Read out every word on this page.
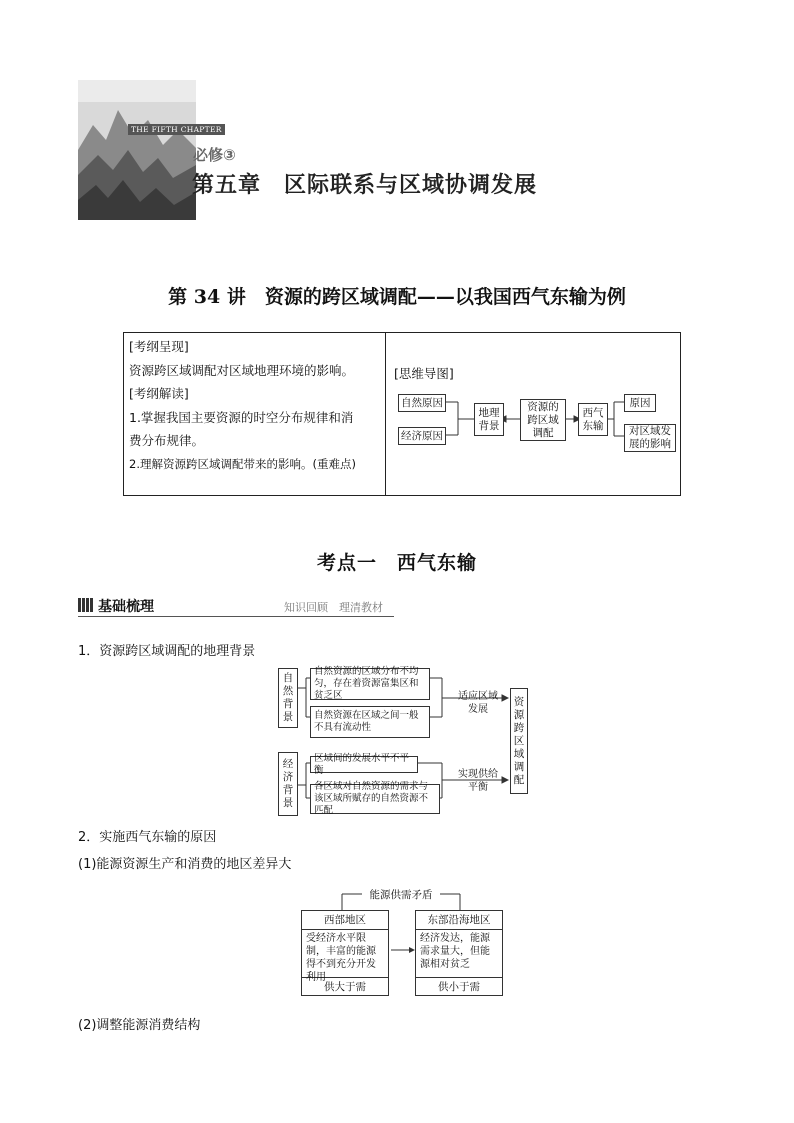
THE FIFTH CHAPTER
必修③
第五章　区际联系与区域协调发展
第 34 讲　资源的跨区域调配——以我国西气东输为例
[考纲呈现]
资源跨区域调配对区域地理环境的影响。
[考纲解读]
1.掌握我国主要资源的时空分布规律和消
费分布规律。
2.理解资源跨区域调配带来的影响。(重难点)
[思维导图]
自然原因
经济原因
地理背景
资源的跨区域调配
西气东输
原因
对区域发展的影响
考点一　西气东输
基础梳理	知识回顾　理清教材
1．资源跨区域调配的地理背景
自然背景
自然资源的区域分布不均匀，存在着资源富集区和贫乏区
自然资源在区域之间一般不具有流动性
经济背景
区域间的发展水平不平衡
各区域对自然资源的需求与该区域所赋存的自然资源不匹配
适应区域发展
实现供给平衡
资源跨区域调配
2．实施西气东输的原因
(1)能源资源生产和消费的地区差异大
能源供需矛盾
西部地区
受经济水平限制，丰富的能源得不到充分开发利用
供大于需
东部沿海地区
经济发达，能源需求量大，但能源相对贫乏
供小于需
(2)调整能源消费结构
